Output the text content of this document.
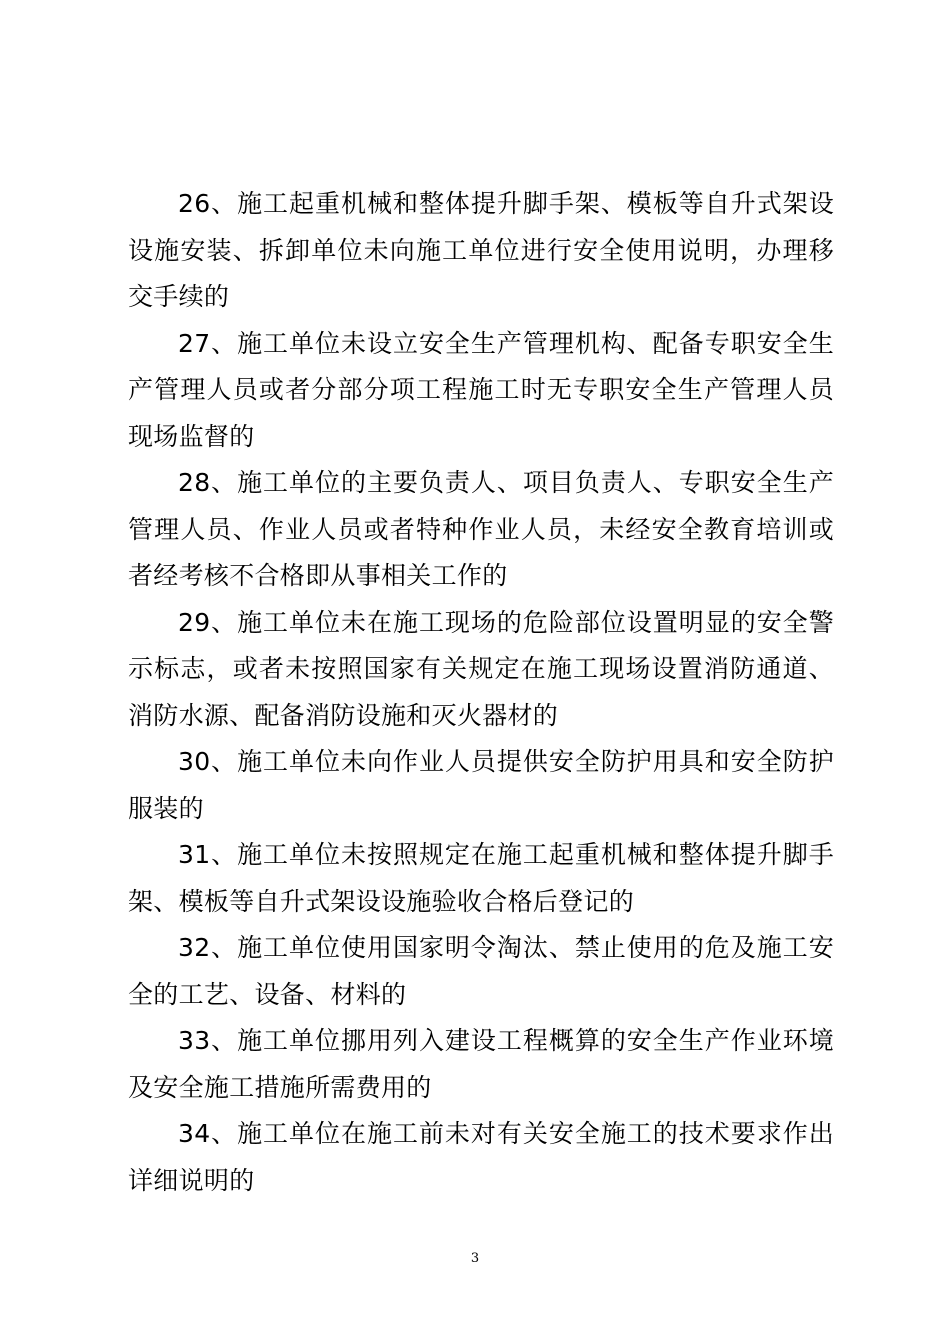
26、施工起重机械和整体提升脚手架、模板等自升式架设设施安装、拆卸单位未向施工单位进行安全使用说明，办理移交手续的

27、施工单位未设立安全生产管理机构、配备专职安全生产管理人员或者分部分项工程施工时无专职安全生产管理人员现场监督的

28、施工单位的主要负责人、项目负责人、专职安全生产管理人员、作业人员或者特种作业人员，未经安全教育培训或者经考核不合格即从事相关工作的

29、施工单位未在施工现场的危险部位设置明显的安全警示标志，或者未按照国家有关规定在施工现场设置消防通道、消防水源、配备消防设施和灭火器材的

30、施工单位未向作业人员提供安全防护用具和安全防护服装的

31、施工单位未按照规定在施工起重机械和整体提升脚手架、模板等自升式架设设施验收合格后登记的

32、施工单位使用国家明令淘汰、禁止使用的危及施工安全的工艺、设备、材料的

33、施工单位挪用列入建设工程概算的安全生产作业环境及安全施工措施所需费用的

34、施工单位在施工前未对有关安全施工的技术要求作出详细说明的

3
